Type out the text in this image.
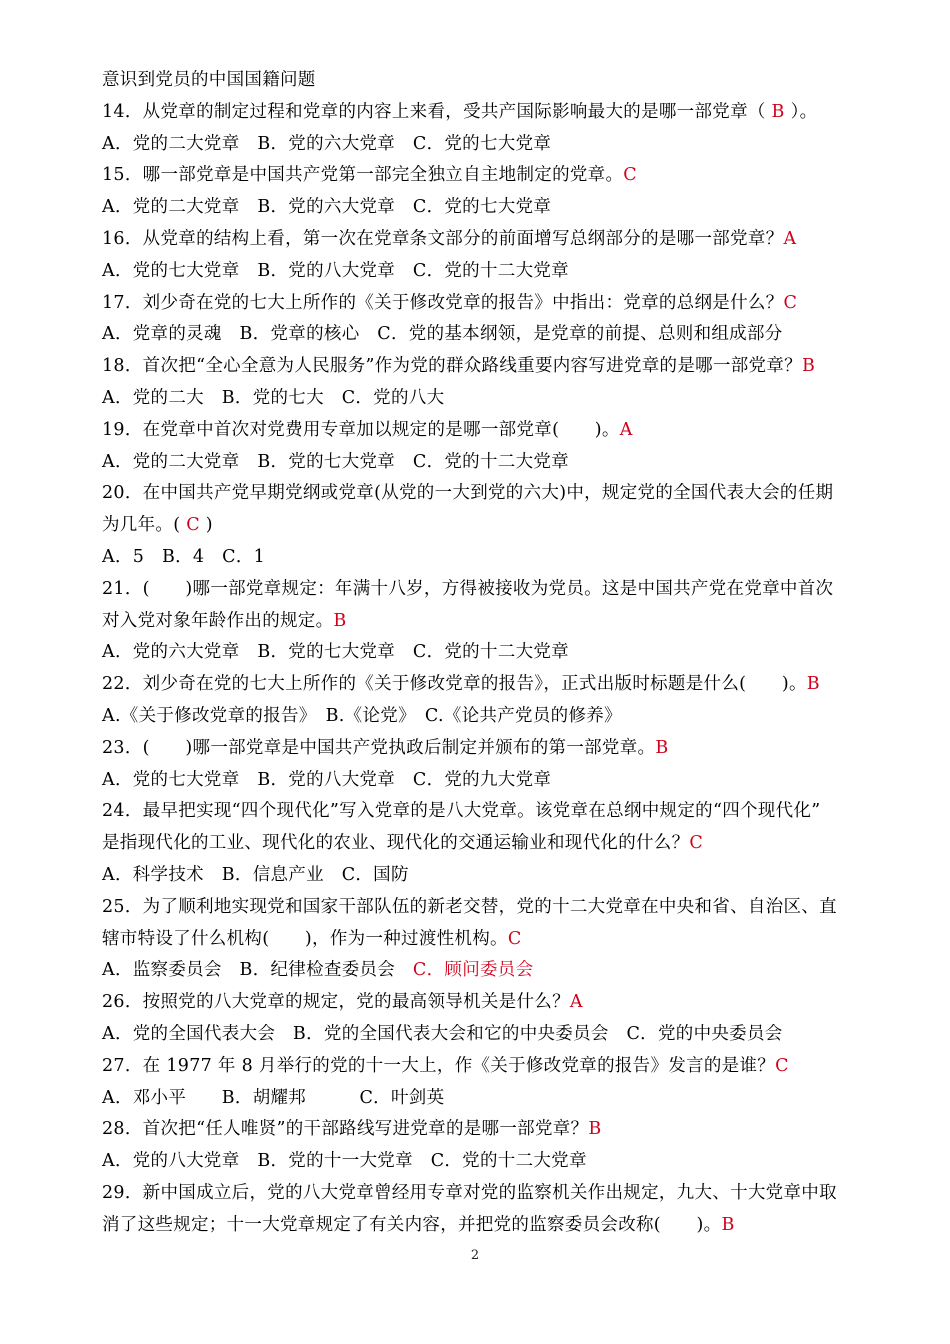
意识到党员的中国国籍问题
14．从党章的制定过程和党章的内容上来看，受共产国际影响最大的是哪一部党章（ B ）。
A．党的二大党章　B．党的六大党章　C．党的七大党章
15．哪一部党章是中国共产党第一部完全独立自主地制定的党章。C
A．党的二大党章　B．党的六大党章　C．党的七大党章
16．从党章的结构上看，第一次在党章条文部分的前面增写总纲部分的是哪一部党章？A
A．党的七大党章　B．党的八大党章　C．党的十二大党章
17．刘少奇在党的七大上所作的《关于修改党章的报告》中指出：党章的总纲是什么？C
A．党章的灵魂　B．党章的核心　C．党的基本纲领，是党章的前提、总则和组成部分
18．首次把“全心全意为人民服务”作为党的群众路线重要内容写进党章的是哪一部党章？B
A．党的二大　B．党的七大　C．党的八大
19．在党章中首次对党费用专章加以规定的是哪一部党章(　　)。A
A．党的二大党章　B．党的七大党章　C．党的十二大党章
20．在中国共产党早期党纲或党章(从党的一大到党的六大)中，规定党的全国代表大会的任期
为几年。( C )
A．5　B．4　C．1
21．(　　)哪一部党章规定：年满十八岁，方得被接收为党员。这是中国共产党在党章中首次
对入党对象年龄作出的规定。B
A．党的六大党章　B．党的七大党章　C．党的十二大党章
22．刘少奇在党的七大上所作的《关于修改党章的报告》，正式出版时标题是什么(　　)。B
A.《关于修改党章的报告》　B.《论党》　C.《论共产党员的修养》
23．(　　)哪一部党章是中国共产党执政后制定并颁布的第一部党章。B
A．党的七大党章　B．党的八大党章　C．党的九大党章
24．最早把实现“四个现代化”写入党章的是八大党章。该党章在总纲中规定的“四个现代化”
是指现代化的工业、现代化的农业、现代化的交通运输业和现代化的什么？C
A．科学技术　B．信息产业　C．国防
25．为了顺利地实现党和国家干部队伍的新老交替，党的十二大党章在中央和省、自治区、直
辖市特设了什么机构(　　)，作为一种过渡性机构。C
A．监察委员会　B．纪律检查委员会　C．顾问委员会
26．按照党的八大党章的规定，党的最高领导机关是什么？A
A．党的全国代表大会　B．党的全国代表大会和它的中央委员会　C．党的中央委员会
27．在 1977 年 8 月举行的党的十一大上，作《关于修改党章的报告》发言的是谁？C
A．邓小平　　B．胡耀邦　　　C．叶剑英
28．首次把“任人唯贤”的干部路线写进党章的是哪一部党章？B
A．党的八大党章　B．党的十一大党章　C．党的十二大党章
29．新中国成立后，党的八大党章曾经用专章对党的监察机关作出规定，九大、十大党章中取
消了这些规定；十一大党章规定了有关内容，并把党的监察委员会改称(　　)。B
2
